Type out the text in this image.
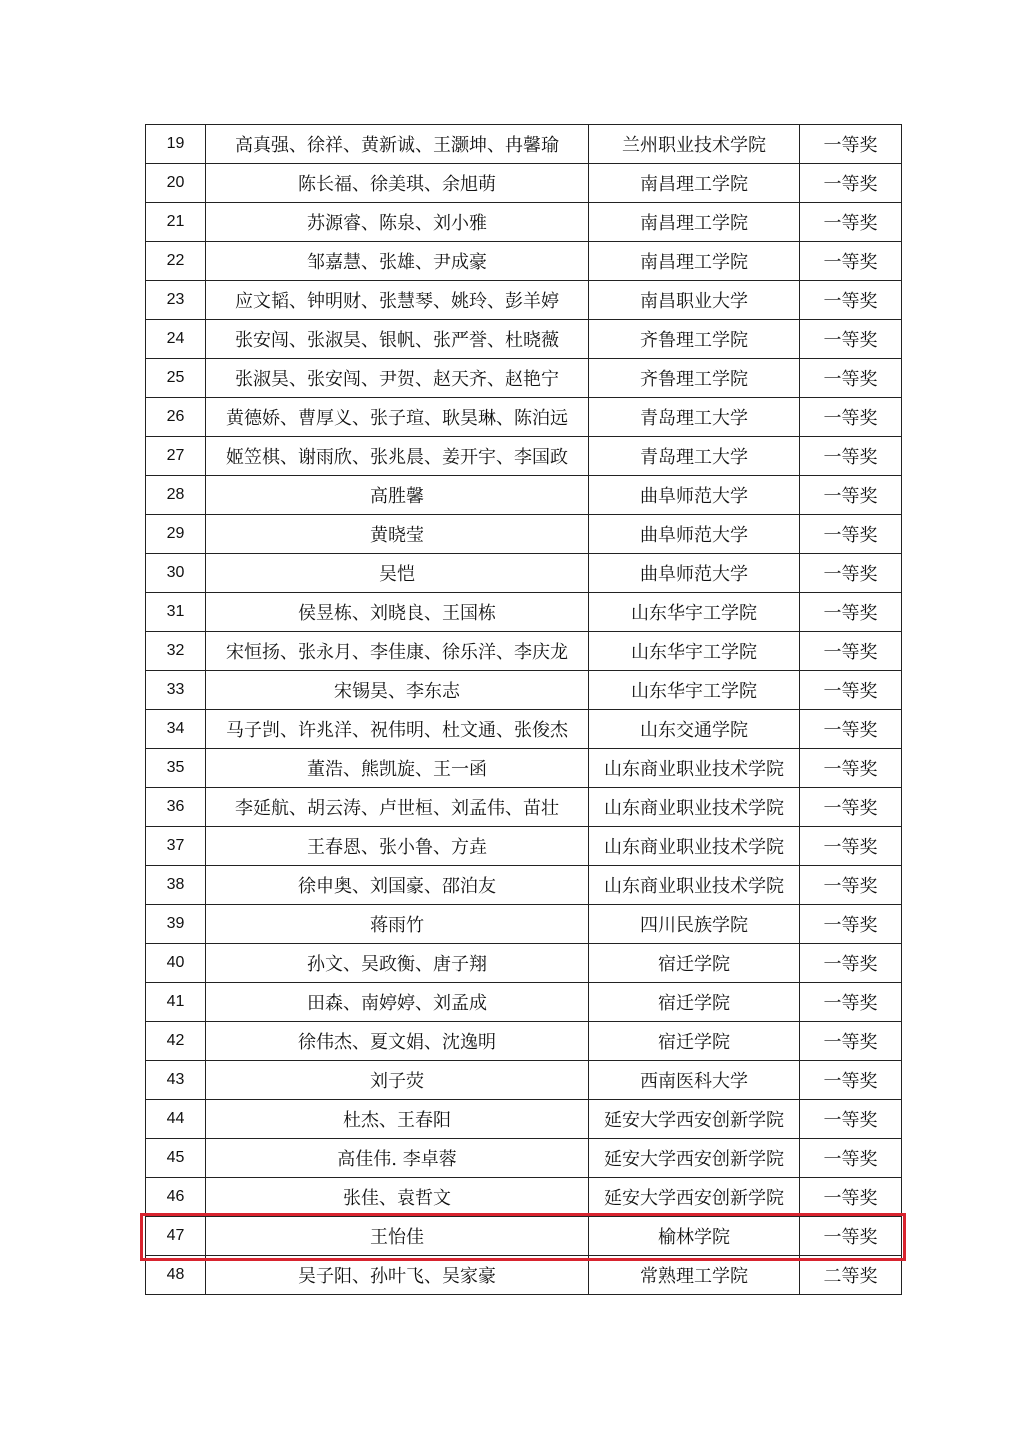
19	高真强、徐祥、黄新诚、王灏坤、冉馨瑜	兰州职业技术学院	一等奖
20	陈长福、徐美琪、余旭萌	南昌理工学院	一等奖
21	苏源睿、陈泉、刘小雅	南昌理工学院	一等奖
22	邹嘉慧、张雄、尹成豪	南昌理工学院	一等奖
23	应文韬、钟明财、张慧琴、姚玲、彭羊婷	南昌职业大学	一等奖
24	张安闯、张淑昊、银帆、张严誉、杜晓薇	齐鲁理工学院	一等奖
25	张淑昊、张安闯、尹贺、赵天齐、赵艳宁	齐鲁理工学院	一等奖
26	黄德娇、曹厚义、张子瑄、耿昊琳、陈泊远	青岛理工大学	一等奖
27	姬笠棋、谢雨欣、张兆晨、姜开宇、李国政	青岛理工大学	一等奖
28	高胜馨	曲阜师范大学	一等奖
29	黄晓莹	曲阜师范大学	一等奖
30	吴恺	曲阜师范大学	一等奖
31	侯昱栋、刘晓良、王国栋	山东华宇工学院	一等奖
32	宋恒扬、张永月、李佳康、徐乐洋、李庆龙	山东华宇工学院	一等奖
33	宋锡昊、李东志	山东华宇工学院	一等奖
34	马子剀、许兆洋、祝伟明、杜文通、张俊杰	山东交通学院	一等奖
35	董浩、熊凯旋、王一函	山东商业职业技术学院	一等奖
36	李延航、胡云涛、卢世桓、刘孟伟、苗壮	山东商业职业技术学院	一等奖
37	王春恩、张小鲁、方垚	山东商业职业技术学院	一等奖
38	徐申奥、刘国豪、邵泊友	山东商业职业技术学院	一等奖
39	蒋雨竹	四川民族学院	一等奖
40	孙文、吴政衡、唐子翔	宿迁学院	一等奖
41	田森、南婷婷、刘孟成	宿迁学院	一等奖
42	徐伟杰、夏文娟、沈逸明	宿迁学院	一等奖
43	刘子荧	西南医科大学	一等奖
44	杜杰、王春阳	延安大学西安创新学院	一等奖
45	高佳伟. 李卓蓉	延安大学西安创新学院	一等奖
46	张佳、袁哲文	延安大学西安创新学院	一等奖
47	王怡佳	榆林学院	一等奖
48	吴子阳、孙叶飞、吴家豪	常熟理工学院	二等奖
